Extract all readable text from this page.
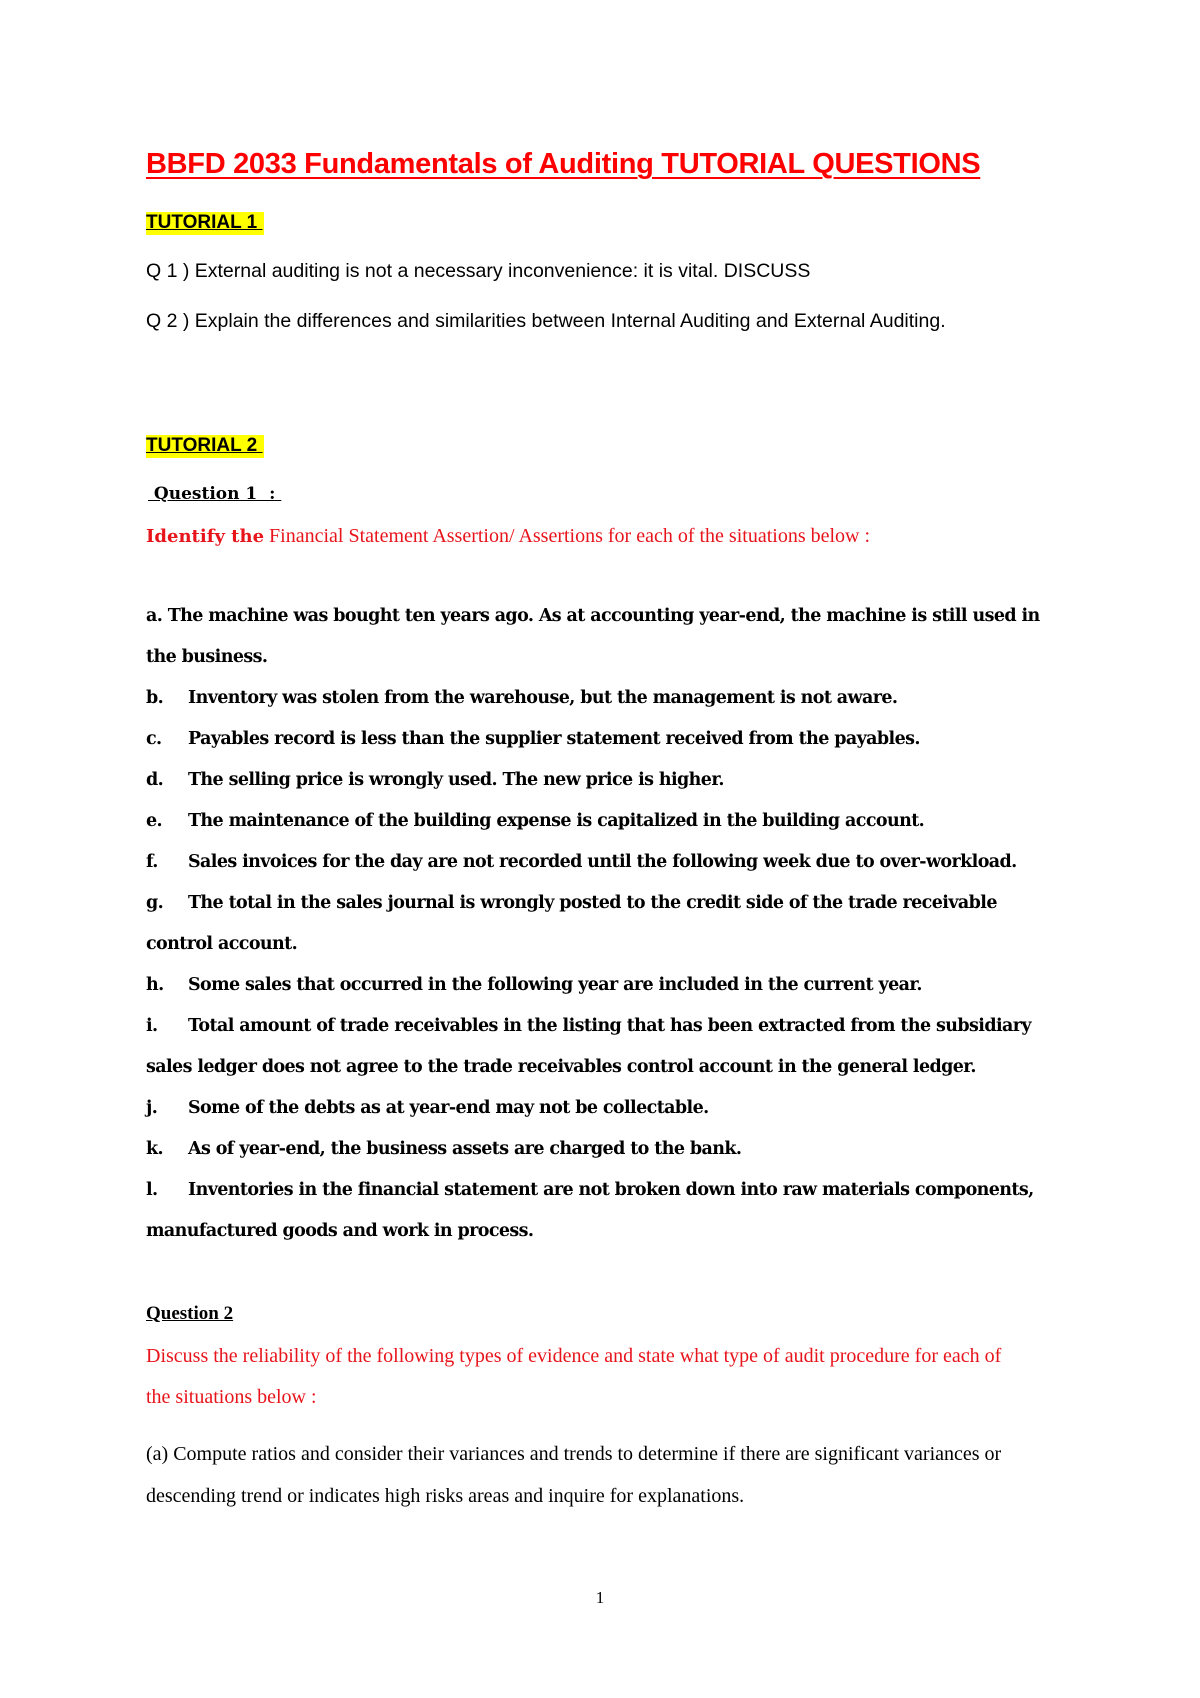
BBFD 2033 Fundamentals of Auditing TUTORIAL QUESTIONS
TUTORIAL 1
Q 1 ) External auditing is not a necessary inconvenience: it is vital. DISCUSS
Q 2 ) Explain the differences and similarities between Internal Auditing and External Auditing.
TUTORIAL 2
Question 1  :
Identify the Financial Statement Assertion/ Assertions for each of the situations below :
a. The machine was bought ten years ago. As at accounting year-end, the machine is still used in the business.
b. Inventory was stolen from the warehouse, but the management is not aware.
c. Payables record is less than the supplier statement received from the payables.
d. The selling price is wrongly used. The new price is higher.
e. The maintenance of the building expense is capitalized in the building account.
f. Sales invoices for the day are not recorded until the following week due to over-workload.
g. The total in the sales journal is wrongly posted to the credit side of the trade receivable control account.
h. Some sales that occurred in the following year are included in the current year.
i. Total amount of trade receivables in the listing that has been extracted from the subsidiary sales ledger does not agree to the trade receivables control account in the general ledger.
j. Some of the debts as at year-end may not be collectable.
k. As of year-end, the business assets are charged to the bank.
l. Inventories in the financial statement are not broken down into raw materials components, manufactured goods and work in process.
Question 2
Discuss the reliability of the following types of evidence and state what type of audit procedure for each of the situations below :
(a) Compute ratios and consider their variances and trends to determine if there are significant variances or descending trend or indicates high risks areas and inquire for explanations.
1
